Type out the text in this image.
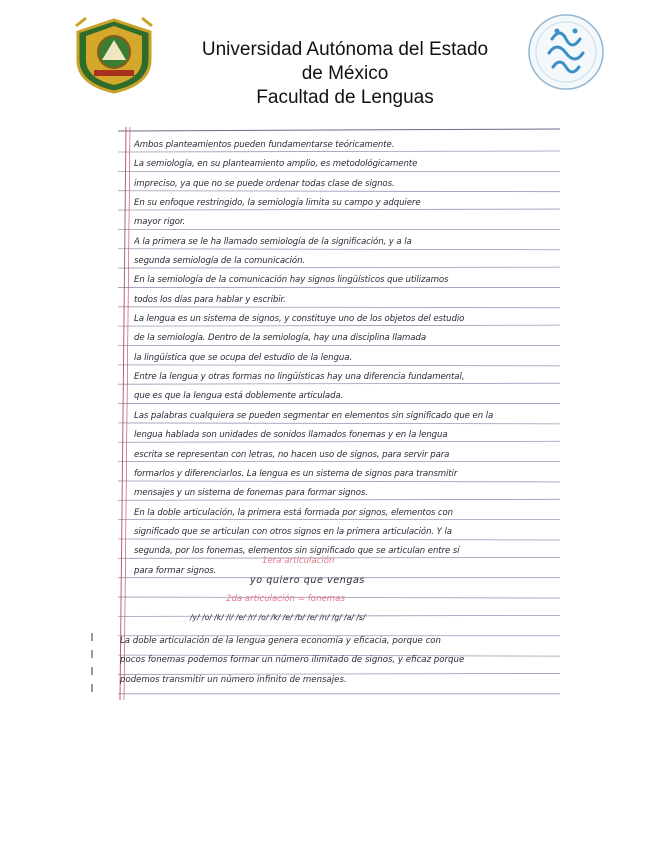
Universidad Autónoma del Estado
de México
Facultad de Lenguas

Ambos planteamientos pueden fundamentarse teóricamente.

La semiología, en su planteamiento amplio, es metodológicamente

impreciso, ya que no se puede ordenar todas clase de signos.

En su enfoque restringido, la semiología limita su campo y adquiere

mayor rigor.

A la primera se le ha llamado semiología de la significación, y a la

segunda semiología de la comunicación.

En la semiología de la comunicación hay signos lingüísticos que utilizamos

todos los días para hablar y escribir.

La lengua es un sistema de signos, y constituye uno de los objetos del estudio

de la semiología. Dentro de la semiología, hay una disciplina llamada

la lingüística que se ocupa del estudio de la lengua.

Entre la lengua y otras formas no lingüísticas hay una diferencia fundamental,

que es que la lengua está doblemente articulada.

Las palabras cualquiera se pueden segmentar en elementos sin significado que en la

lengua hablada son unidades de sonidos llamados fonemas y en la lengua

escrita se representan con letras, no hacen uso de signos, para servir para

formarlos y diferenciarlos. La lengua es un sistema de signos para transmitir

mensajes y un sistema de fonemas para formar signos.

En la doble articulación, la primera está formada por signos, elementos con

significado que se articulan con otros signos en la primera articulación. Y la

segunda, por los fonemas, elementos sin significado que se articulan entre sí

para formar signos.

1era articulación
yo quiero que vengas
2da articulación = fonemas
/y/ /o/ /k/ /i/ /e/ /r/ /o/ /k/ /e/ /b/ /e/ /n/ /g/ /a/ /s/

La doble articulación de la lengua genera economía y eficacia, porque con

pocos fonemas podemos formar un número ilimitado de signos, y eficaz porque

podemos transmitir un número infinito de mensajes.
